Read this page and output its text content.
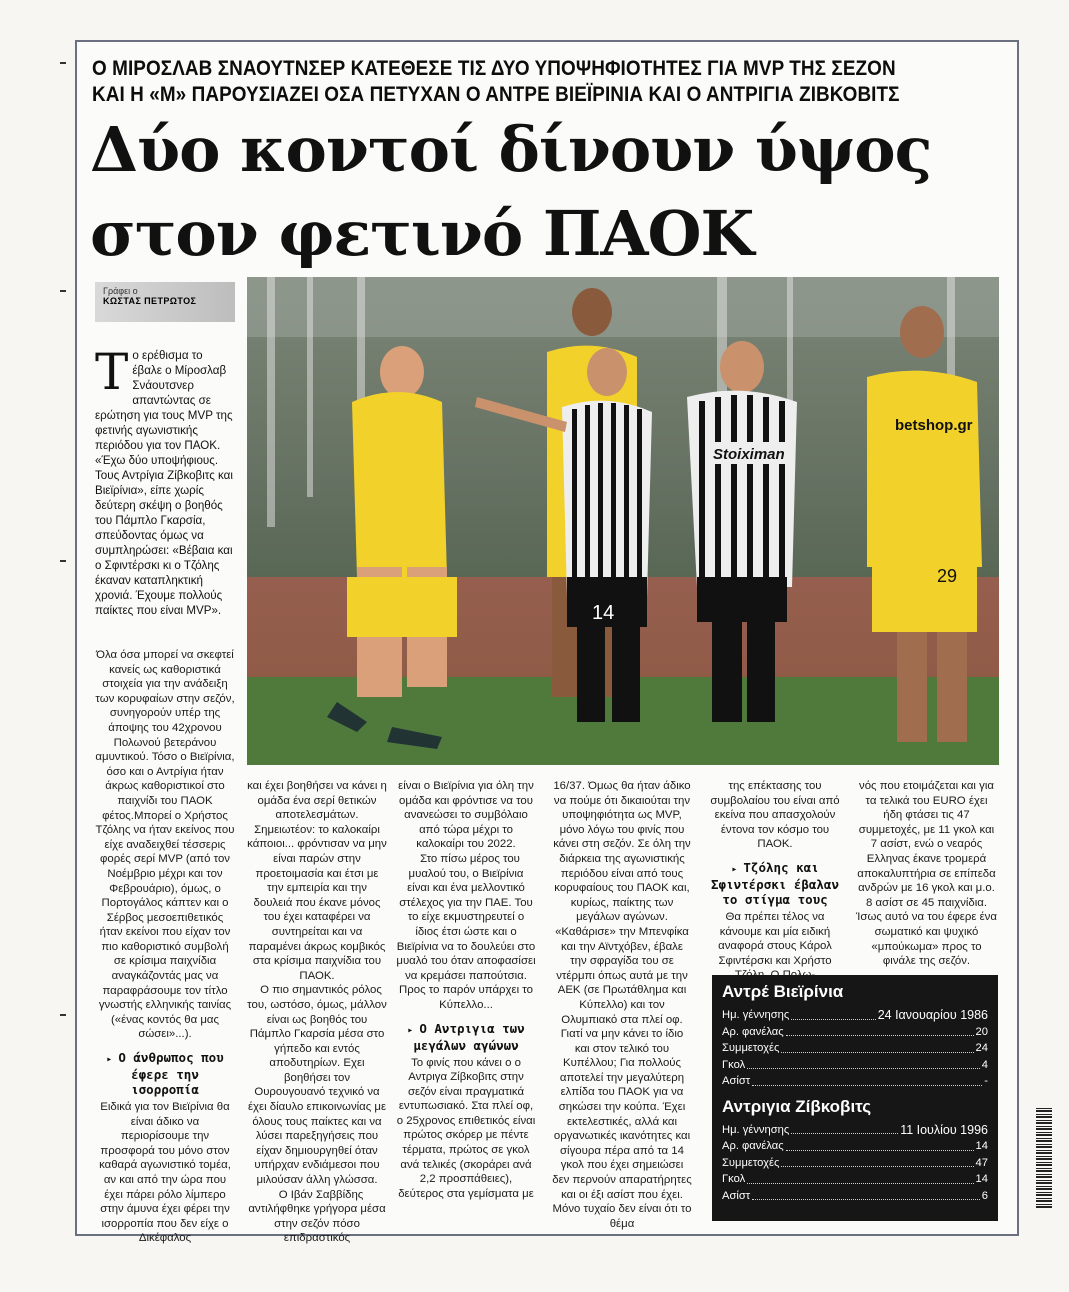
Ο ΜΙΡΟΣΛΑΒ ΣΝΑΟΥΤΝΣΕΡ ΚΑΤΕΘΕΣΕ ΤΙΣ ΔΥΟ ΥΠΟΨΗΦΙΟΤΗΤΕΣ ΓΙΑ MVP ΤΗΣ ΣΕΖΟΝ
ΚΑΙ Η «Μ» ΠΑΡΟΥΣΙΑΖΕΙ ΟΣΑ ΠΕΤΥΧΑΝ Ο ΑΝΤΡΕ ΒΙΕΪΡΙΝΙΑ ΚΑΙ Ο ΑΝΤΡΙΓΙΑ ΖΙΒΚΟΒΙΤΣ
Δύο κοντοί δίνουν ύψος
στον φετινό ΠΑΟΚ
Γράφει ο
ΚΩΣΤΑΣ ΠΕΤΡΩΤΟΣ
14
Stoiximan
betshop.gr
29
Τ ο ερέθισμα το έβαλε ο Μίροσλαβ Σνάουτσνερ απαντώντας σε ερώτηση για τους MVP της φετινής αγωνιστικής περιόδου για τον ΠΑΟΚ. «Έχω δύο υποψήφιους. Τους Αντρίγια Ζίβκοβιτς και Βιεϊρίνια», είπε χωρίς δεύτερη σκέψη ο βοηθός του Πάμπλο Γκαρσία, σπεύδοντας όμως να συμπληρώσει: «Βέβαια και ο Σφιντέρσκι κι ο Τζόλης έκαναν καταπληκτική χρονιά. Έχουμε πολλούς παίκτες που είναι MVP».

Όλα όσα μπορεί να σκεφτεί κανείς ως καθοριστικά στοιχεία για την ανάδειξη των κορυφαίων στην σεζόν, συνηγορούν υπέρ της άποψης του 42χρονου Πολωνού βετεράνου αμυντικού. Τόσο ο Βιεϊρίνια, όσο και ο Αντρίγια ήταν άκρως καθοριστικοί στο παιχνίδι του ΠΑΟΚ φέτος.Μπορεί ο Χρήστος Τζόλης να ήταν εκείνος που είχε αναδειχθεί τέσσερις φορές σερί MVP (από τον Νοέμβριο μέχρι και τον Φεβρουάριο), όμως, ο Πορτογάλος κάπτεν και ο Σέρβος μεσοεπιθετικός ήταν εκείνοι που είχαν τον πιο καθοριστικό συμβολή σε κρίσιμα παιχνίδια αναγκάζοντάς μας να παραφράσουμε τον τίτλο γνωστής ελληνικής ταινίας («ένας κοντός θα μας σώσει»...).

▸ Ο άνθρωπος που έφερε την ισορροπία

Ειδικά για τον Βιεϊρίνια θα είναι άδικο να περιορίσουμε την προσφορά του μόνο στον καθαρά αγωνιστικό τομέα, αν και από την ώρα που έχει πάρει ρόλο λίμπερο στην άμυνα έχει φέρει την ισορροπία που δεν είχε ο Δικέφαλος

και έχει βοηθήσει να κάνει η ομάδα ένα σερί θετικών αποτελεσμάτων. Σημειωτέον: το καλοκαίρι κάποιοι... φρόντισαν να μην είναι παρών στην προετοιμασία και έτσι με την εμπειρία και την δουλειά που έκανε μόνος του έχει καταφέρει να συντηρείται και να παραμένει άκρως κομβικός στα κρίσιμα παιχνίδια του ΠΑΟΚ.

Ο πιο σημαντικός ρόλος του, ωστόσο, όμως, μάλλον είναι ως βοηθός του Πάμπλο Γκαρσία μέσα στο γήπεδο και εντός αποδυτηρίων. Εχει βοηθήσει τον Ουρουγουανό τεχνικό να έχει δίαυλο επικοινωνίας με όλους τους παίκτες και να λύσει παρεξηγήσεις που είχαν δημιουργηθεί όταν υπήρχαν ενδιάμεσοι που μιλούσαν άλλη γλώσσα.

Ο Ιβάν Σαββίδης αντιλήφθηκε γρήγορα μέσα στην σεζόν πόσο επιδραστικός

είναι ο Βιεϊρίνια για όλη την ομάδα και φρόντισε να του ανανεώσει το συμβόλαιο από τώρα μέχρι το καλοκαίρι του 2022.

Στο πίσω μέρος του μυαλού του, ο Βιεϊρίνια είναι και ένα μελλοντικό στέλεχος για την ΠΑΕ. Του το είχε εκμυστηρευτεί ο ίδιος έτσι ώστε και ο Βιεϊρίνια να το δουλεύει στο μυαλό του όταν αποφασίσει να κρεμάσει παπούτσια. Προς το παρόν υπάρχει το Κύπελλο...

▸ Ο Αντριγια των μεγάλων αγώνων

Το φινίς που κάνει ο ο Αντριγα Ζίβκοβιτς στην σεζόν είναι πραγματικά εντυπωσιακό. Στα πλεί οφ, ο 25χρονος επιθετικός είναι πρώτος σκόρερ με πέντε τέρματα, πρώτος σε γκολ ανά τελικές (σκοράρει ανά 2,2 προσπάθειες), δεύτερος στα γεμίσματα με

16/37. Όμως θα ήταν άδικο να πούμε ότι δικαιούται την υποψηφιότητα ως MVP, μόνο λόγω του φινίς που κάνει στη σεζόν. Σε όλη την διάρκεια της αγωνιστικής περιόδου είναι από τους κορυφαίους του ΠΑΟΚ και, κυρίως, παίκτης των μεγάλων αγώνων. «Καθάρισε» την Μπενφίκα και την Αϊντχόβεν, έβαλε την σφραγίδα του σε ντέρμπι όπως αυτά με την ΑΕΚ (σε Πρωτάθλημα και Κύπελλο) και τον Ολυμπιακό στα πλεί οφ. Γιατί να μην κάνει το ίδιο και στον τελικό του Κυπέλλου; Για πολλούς αποτελεί την μεγαλύτερη ελπίδα του ΠΑΟΚ για να σηκώσει την κούπα. Έχει εκτελεστικές, αλλά και οργανωτικές ικανότητες και σίγουρα πέρα από τα 14 γκολ που έχει σημειώσει δεν περνούν απαρατήρητες και οι έξι ασίστ που έχει. Μόνο τυχαίο δεν είναι ότι το θέμα

της επέκτασης του συμβολαίου του είναι από εκείνα που απασχολούν έντονα τον κόσμο του ΠΑΟΚ.

▸ Τζόλης και Σφιντέρσκι έβαλαν το στίγμα τους

Θα πρέπει τέλος να κάνουμε και μία ειδική αναφορά στους Κάρολ Σφιντέρσκι και Χρήστο

νός που ετοιμάζεται και για τα τελικά του EURO έχει ήδη φτάσει τις 47 συμμετοχές, με 11 γκολ και 7 ασίστ, ενώ ο νεαρός Ελληνας έκανε τρομερά αποκαλυπτήρια σε επίπεδα ανδρών με 16 γκολ και μ.ο. 8 ασίστ σε 45 παιχνίδια. Ίσως αυτό να του έφερε ένα σωματικό και ψυχικό «μπούκωμα» προς το φινάλε της σεζόν.

Αντρέ Βιεϊρίνια
Ημ. γέννησης	24 Ιανουαρίου 1986
Αρ. φανέλας	20
Συμμετοχές	24
Γκολ	4
Ασίστ	-
Αντριγια Ζίβκοβιτς
Ημ. γέννησης	11 Ιουλίου 1996
Αρ. φανέλας	14
Συμμετοχές	47
Γκολ	14
Ασίστ	6
